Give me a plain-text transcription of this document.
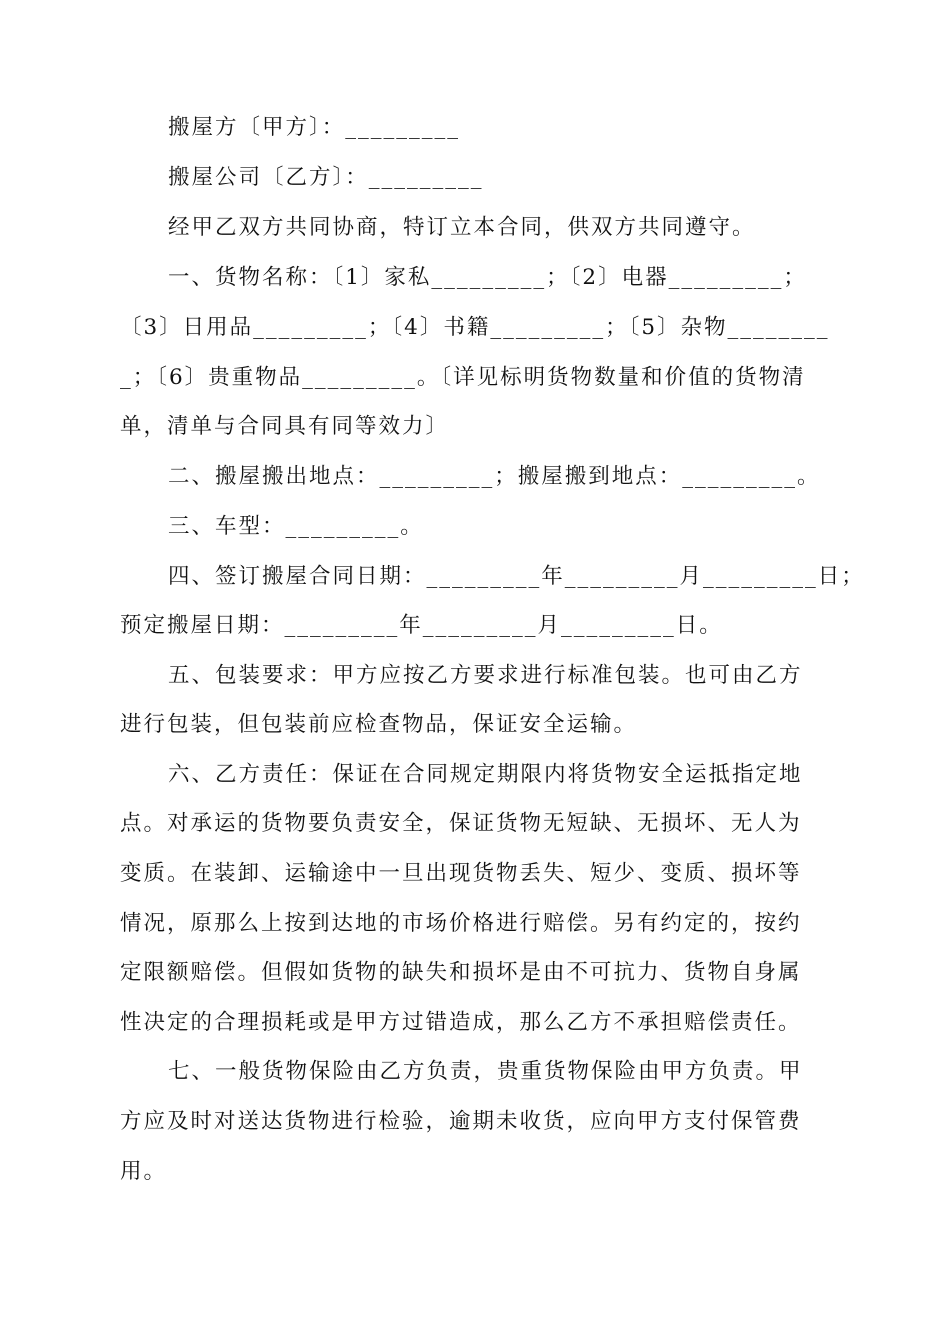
搬屋方〔甲方〕：_________
搬屋公司〔乙方〕：_________
经甲乙双方共同协商，特订立本合同，供双方共同遵守。
一、货物名称：〔1〕家私_________；〔2〕电器_________；
〔3〕日用品_________；〔4〕书籍_________；〔5〕杂物________
_；〔6〕贵重物品_________。〔详见标明货物数量和价值的货物清
单，清单与合同具有同等效力〕
二、搬屋搬出地点：_________；搬屋搬到地点：_________。
三、车型：_________。
四、签订搬屋合同日期：_________年_________月_________日；
预定搬屋日期：_________年_________月_________日。
五、包装要求：甲方应按乙方要求进行标准包装。也可由乙方
进行包装，但包装前应检查物品，保证安全运输。
六、乙方责任：保证在合同规定期限内将货物安全运抵指定地
点。对承运的货物要负责安全，保证货物无短缺、无损坏、无人为
变质。在装卸、运输途中一旦出现货物丢失、短少、变质、损坏等
情况，原那么上按到达地的市场价格进行赔偿。另有约定的，按约
定限额赔偿。但假如货物的缺失和损坏是由不可抗力、货物自身属
性决定的合理损耗或是甲方过错造成，那么乙方不承担赔偿责任。
七、一般货物保险由乙方负责，贵重货物保险由甲方负责。甲
方应及时对送达货物进行检验，逾期未收货，应向甲方支付保管费
用。
